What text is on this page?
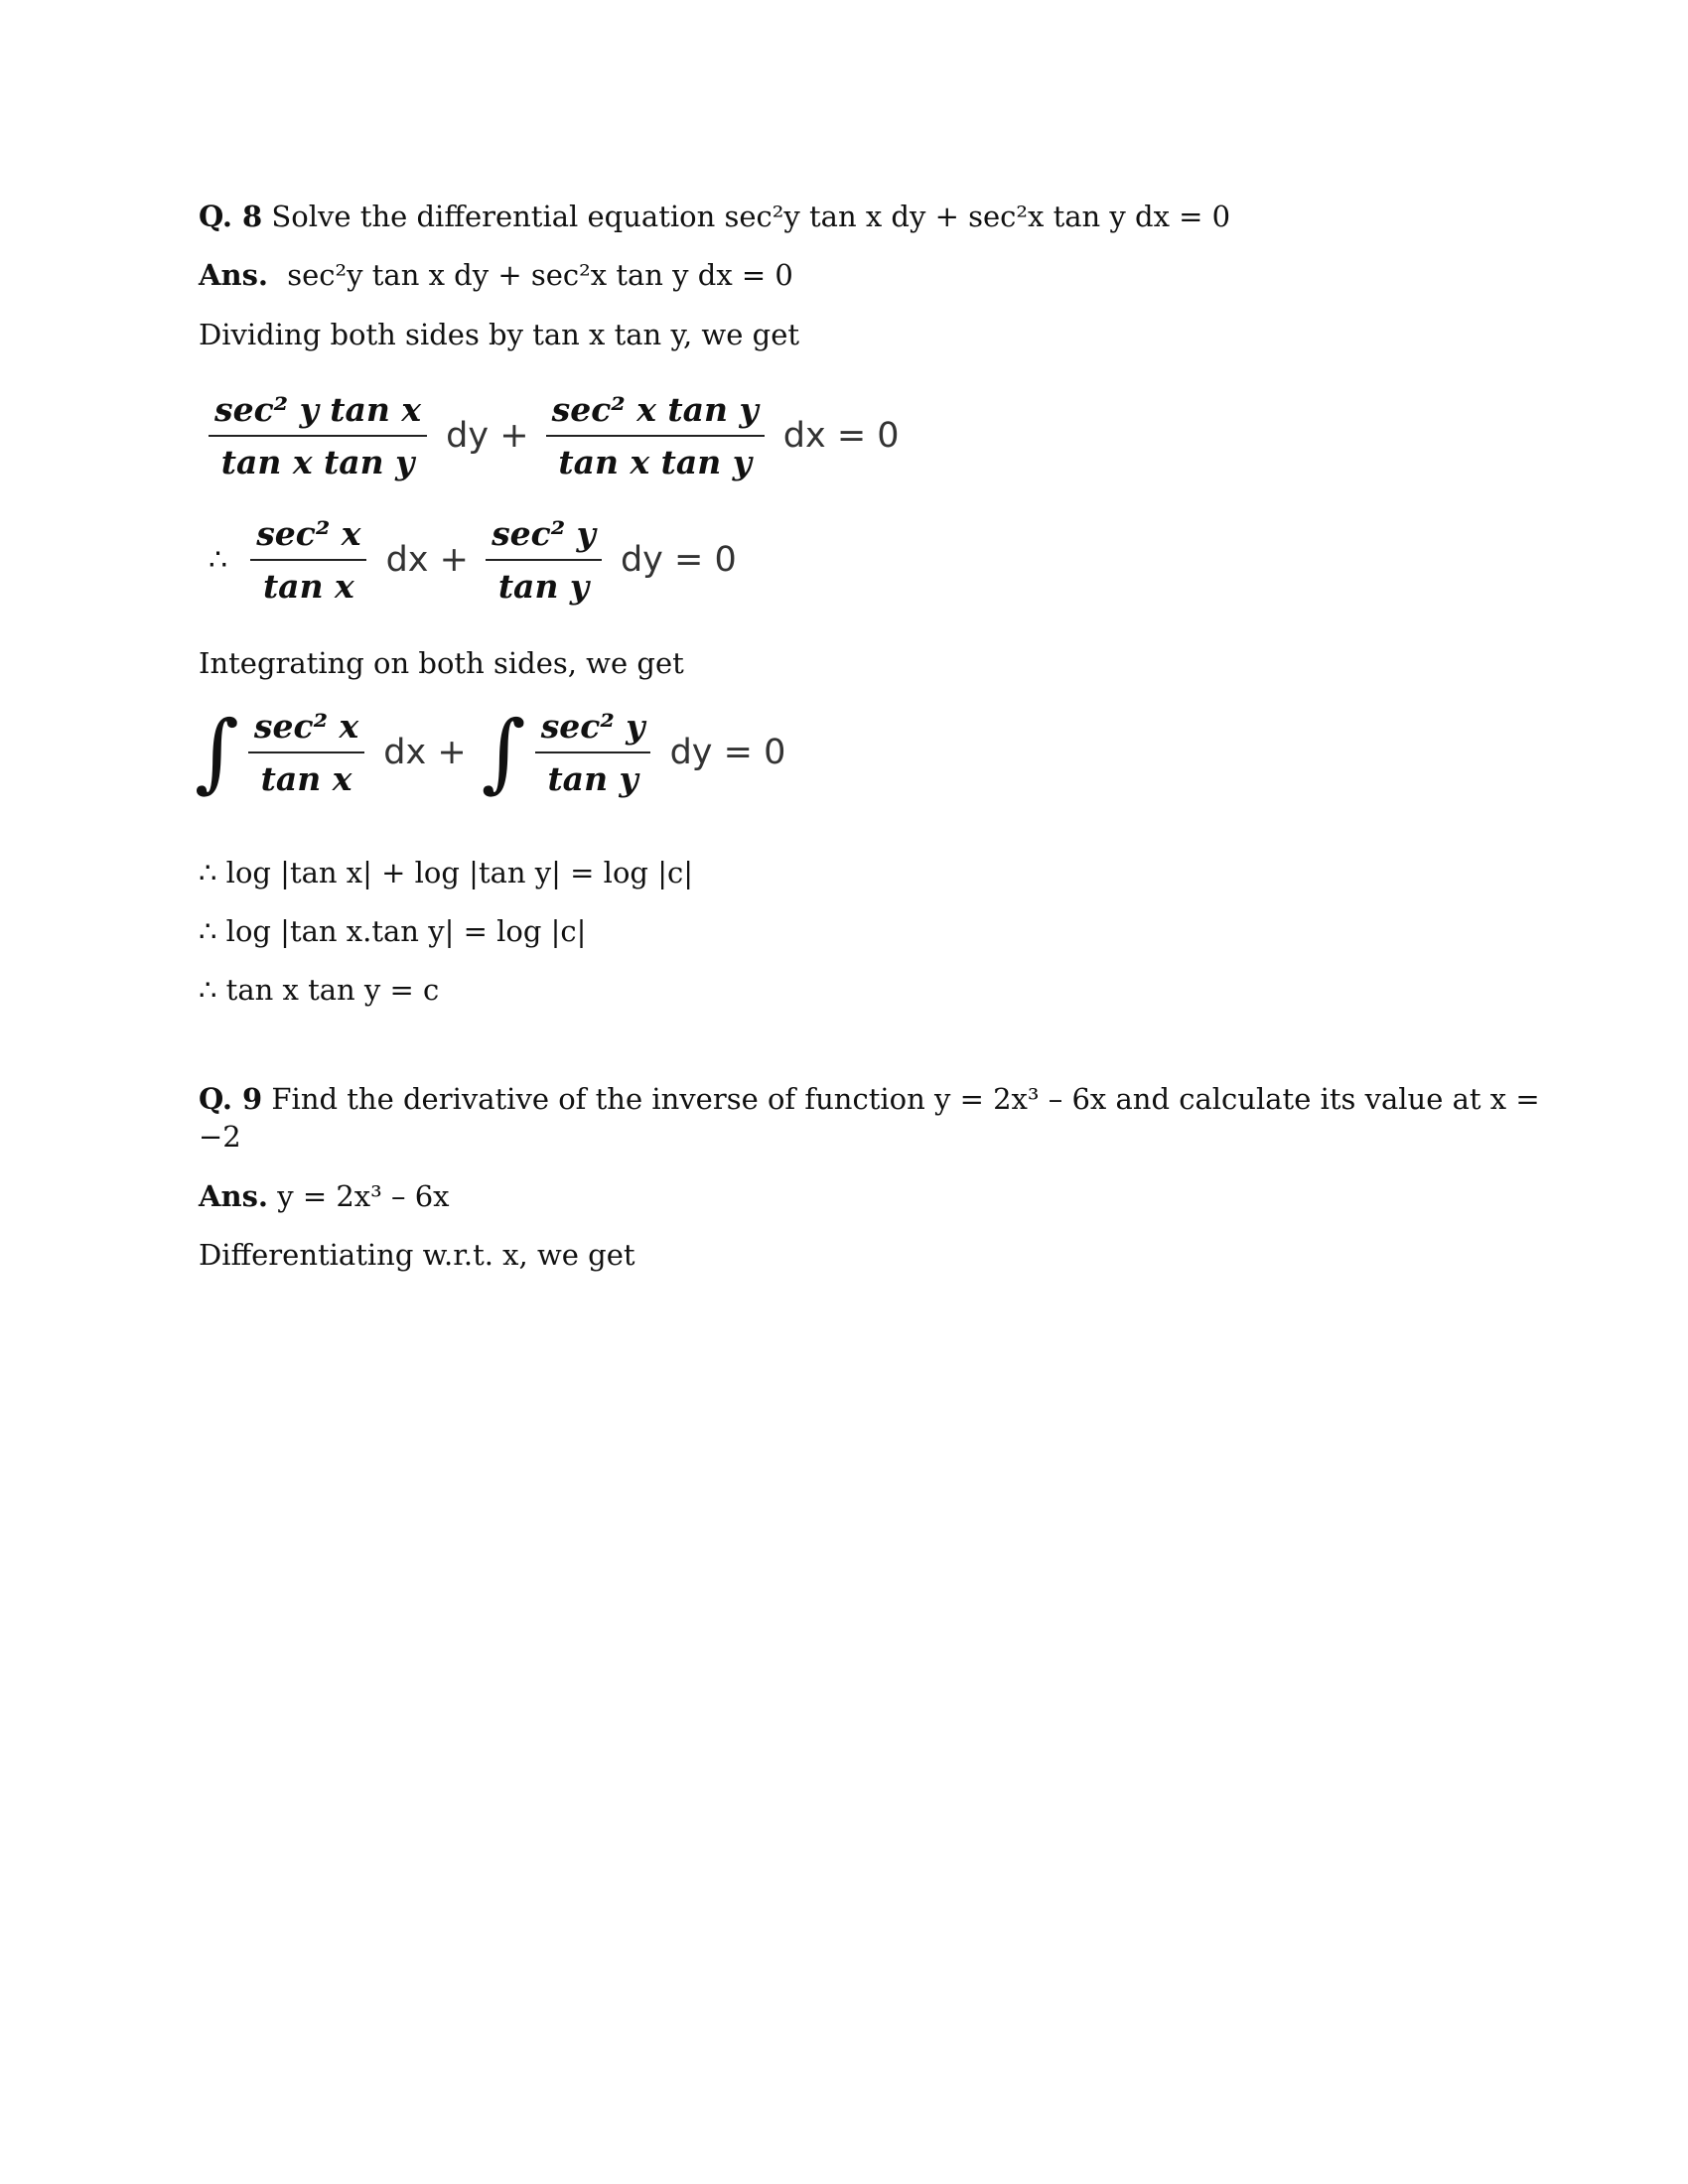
Q. 8 Solve the differential equation sec²y tan x dy + sec²x tan y dx = 0
Ans. sec²y tan x dy + sec²x tan y dx = 0
Dividing both sides by tan x tan y, we get
$\frac{\text{sec² y tan x}}{\text{tan x tan y}}$ dy + $\frac{\text{sec² x tan y}}{\text{tan x tan y}}$ dx = 0
∴ $\frac{\text{sec² x}}{\text{tan x}}$ dx + $\frac{\text{sec² y}}{\text{tan y}}$ dy = 0
Integrating on both sides, we get
∫ $\frac{\text{sec² x}}{\text{tan x}}$ dx + ∫ $\frac{\text{sec² y}}{\text{tan y}}$ dy = 0
∴ log |tan x| + log |tan y| = log |c|
∴ log |tan x.tan y| = log |c|
∴ tan x tan y = c
Q. 9 Find the derivative of the inverse of function y = 2x³ – 6x and calculate its value at x =
−2
Ans. y = 2x³ – 6x
Differentiating w.r.t. x, we get
